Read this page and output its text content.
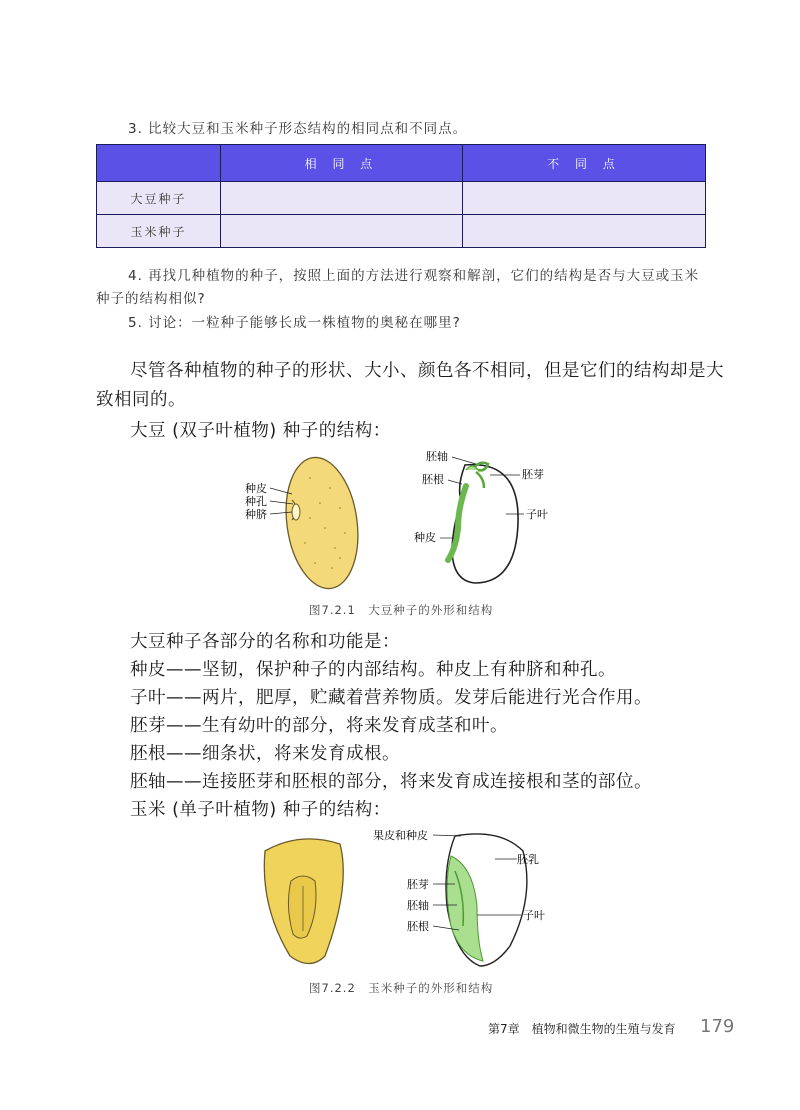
3. 比较大豆和玉米种子形态结构的相同点和不同点。
	相 同 点	不 同 点
大豆种子		
玉米种子		
4. 再找几种植物的种子，按照上面的方法进行观察和解剖，它们的结构是否与大豆或玉米
种子的结构相似?
5. 讨论：一粒种子能够长成一株植物的奥秘在哪里?
尽管各种植物的种子的形状、大小、颜色各不相同，但是它们的结构却是大
致相同的。
大豆 (双子叶植物) 种子的结构：
种皮
种孔
种脐
胚轴
胚根	胚芽
子叶
种皮
图7.2.1　大豆种子的外形和结构
大豆种子各部分的名称和功能是：
种皮——坚韧，保护种子的内部结构。种皮上有种脐和种孔。
子叶——两片，肥厚，贮藏着营养物质。发芽后能进行光合作用。
胚芽——生有幼叶的部分，将来发育成茎和叶。
胚根——细条状，将来发育成根。
胚轴——连接胚芽和胚根的部分，将来发育成连接根和茎的部位。
玉米 (单子叶植物) 种子的结构：
果皮和种皮
胚乳
胚芽
胚轴
子叶
胚根
图7.2.2　玉米种子的外形和结构
第7章　植物和微生物的生殖与发育 179
